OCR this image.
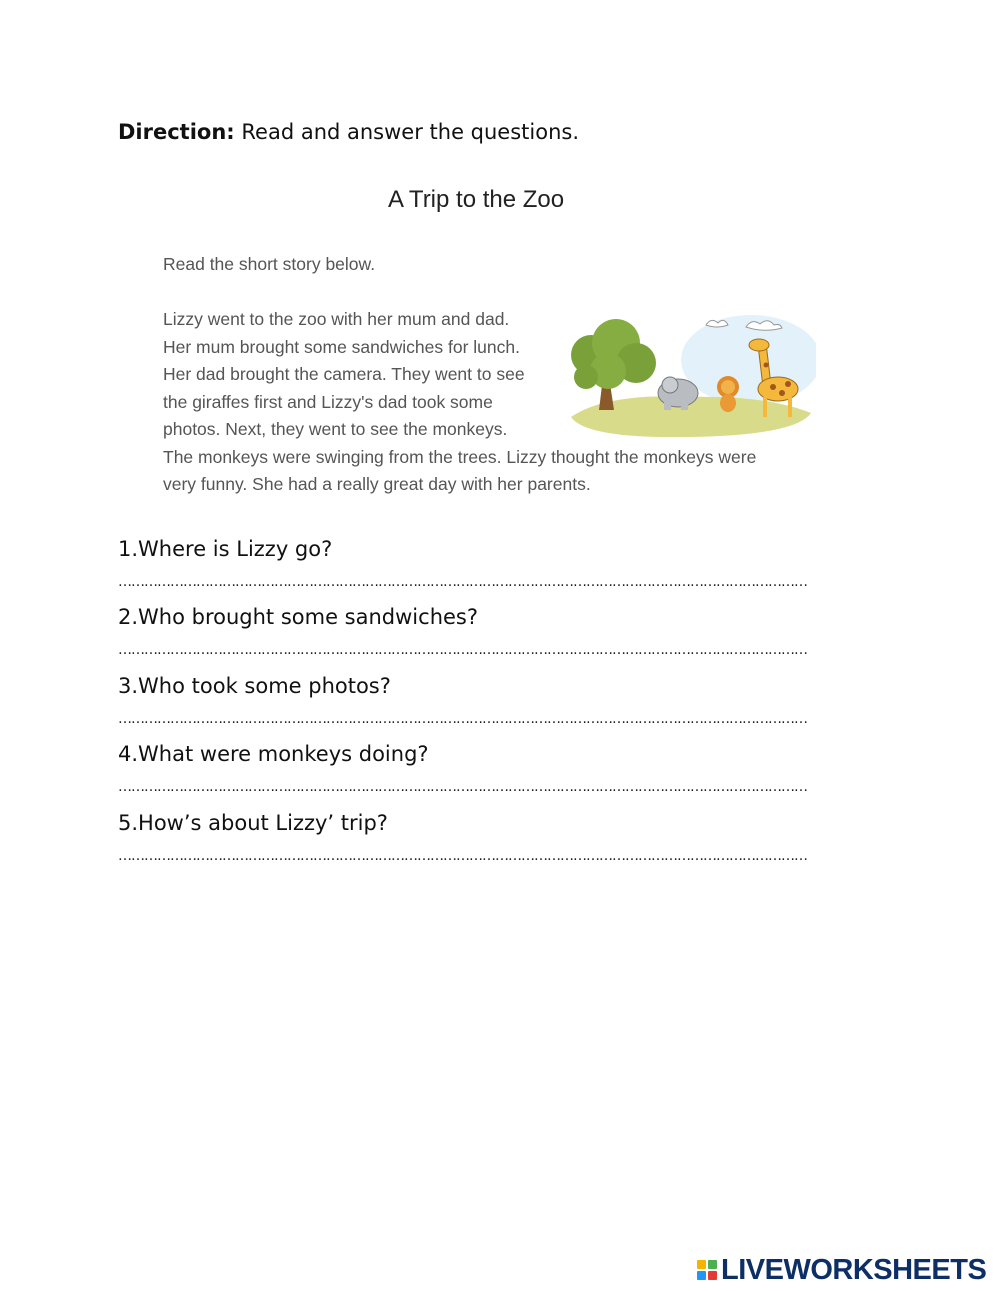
Direction: Read and answer the questions.
A Trip to the Zoo
Read the short story below.
Lizzy went to the zoo with her mum and dad.
Her mum brought some sandwiches for lunch.
Her dad brought the camera. They went to see
the giraffes first and Lizzy's dad took some
photos. Next, they went to see the monkeys.
The monkeys were swinging from the trees. Lizzy thought the monkeys were
very funny. She had a really great day with her parents.
1.Where is Lizzy go?
……………………………………………………………………………………………………………………………………………………………………
2.Who brought some sandwiches?
……………………………………………………………………………………………………………………………………………………………………
3.Who took some photos?
……………………………………………………………………………………………………………………………………………………………………
4.What were monkeys doing?
……………………………………………………………………………………………………………………………………………………………………
5.How’s about Lizzy’ trip?
……………………………………………………………………………………………………………………………………………………………………
LIVEWORKSHEETS
